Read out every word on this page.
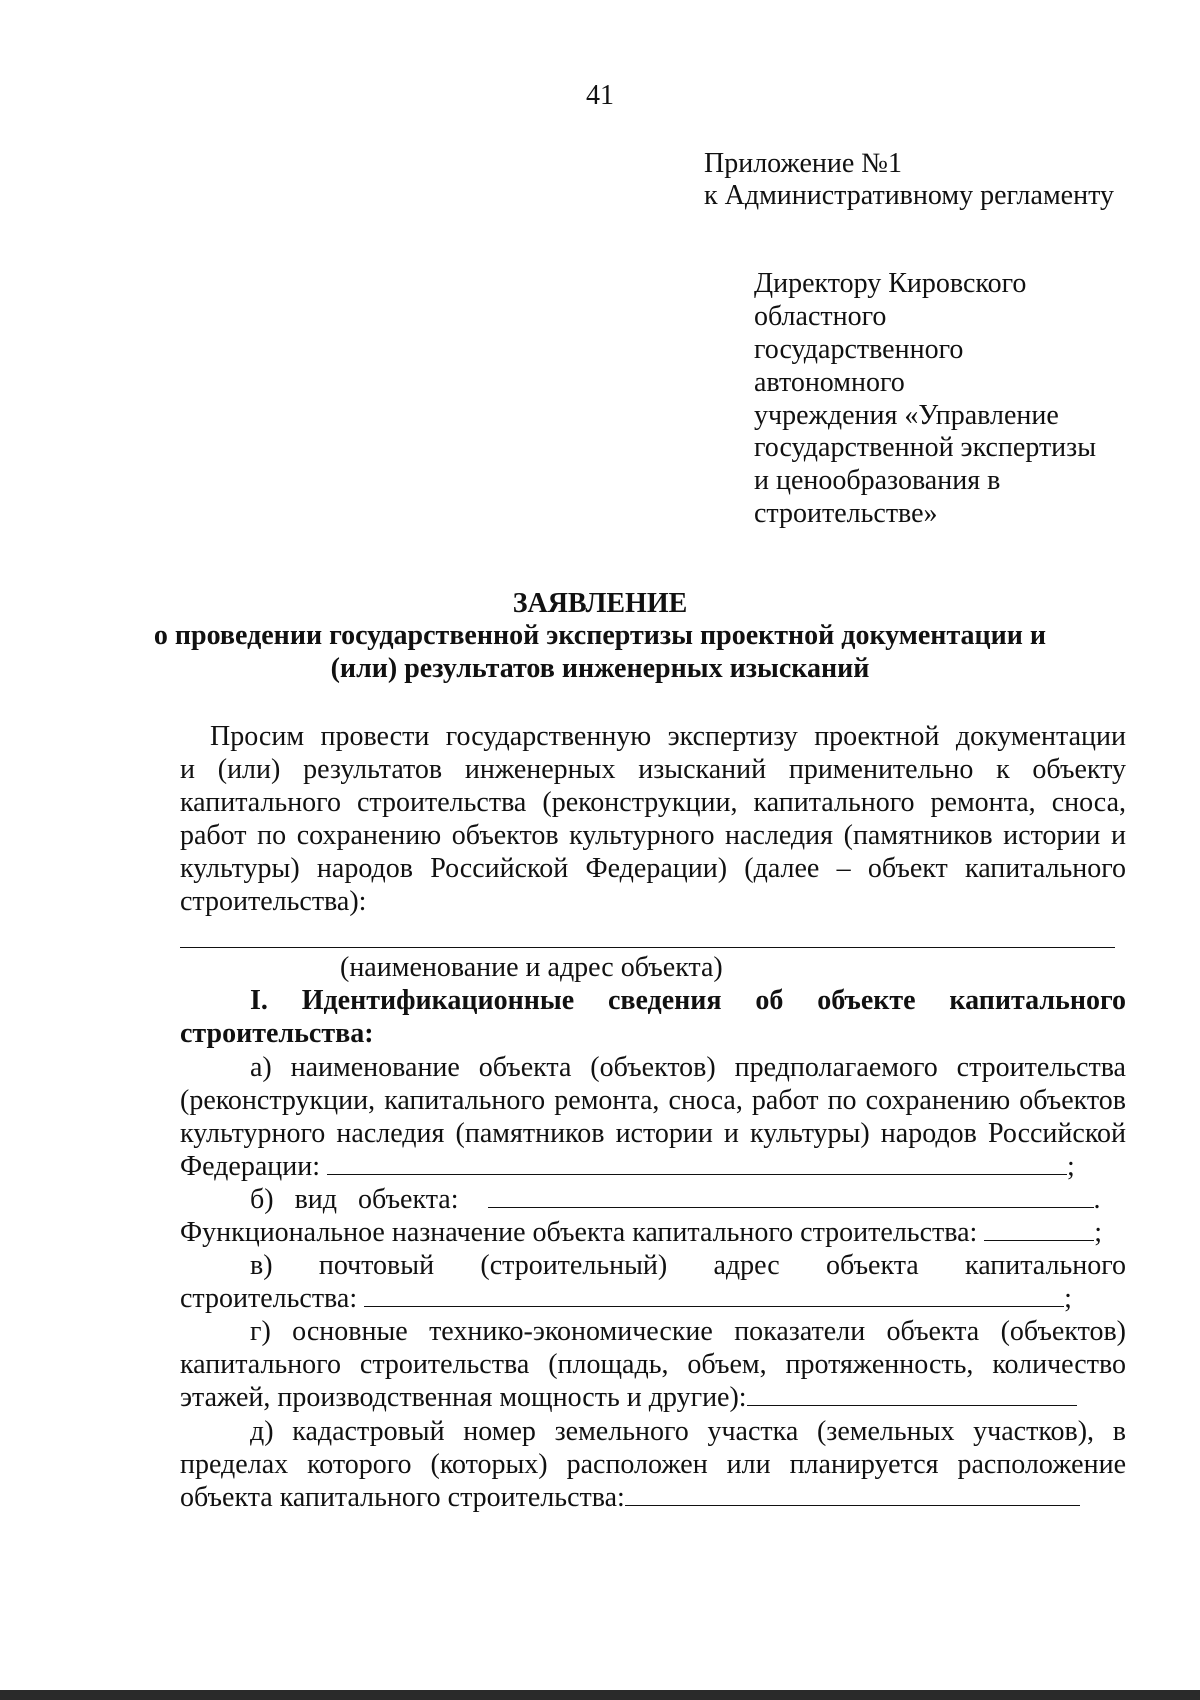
41
Приложение №1
к Административному регламенту
Директору Кировского
областного
государственного
автономного
учреждения «Управление
государственной экспертизы
и ценообразования в
строительстве»
ЗАЯВЛЕНИЕ
о проведении государственной экспертизы проектной документации и
(или) результатов инженерных изысканий
Просим провести государственную экспертизу проектной документации
и (или) результатов инженерных изысканий применительно к объекту
капитального строительства (реконструкции, капитального ремонта, сноса,
работ по сохранению объектов культурного наследия (памятников истории и
культуры) народов Российской Федерации) (далее – объект капитального
строительства):
(наименование и адрес объекта)
I. Идентификационные сведения об объекте капитального
строительства:
а) наименование объекта (объектов) предполагаемого строительства
(реконструкции, капитального ремонта, сноса, работ по сохранению объектов
культурного наследия (памятников истории и культуры) народов Российской
Федерации:	;
б) вид объекта:	.
Функциональное назначение объекта капитального строительства:	;
в) почтовый (строительный) адрес объекта капитального
строительства:	;
г) основные технико-экономические показатели объекта (объектов)
капитального строительства (площадь, объем, протяженность, количество
этажей, производственная мощность и другие):
д) кадастровый номер земельного участка (земельных участков), в
пределах которого (которых) расположен или планируется расположение
объекта капитального строительства:
